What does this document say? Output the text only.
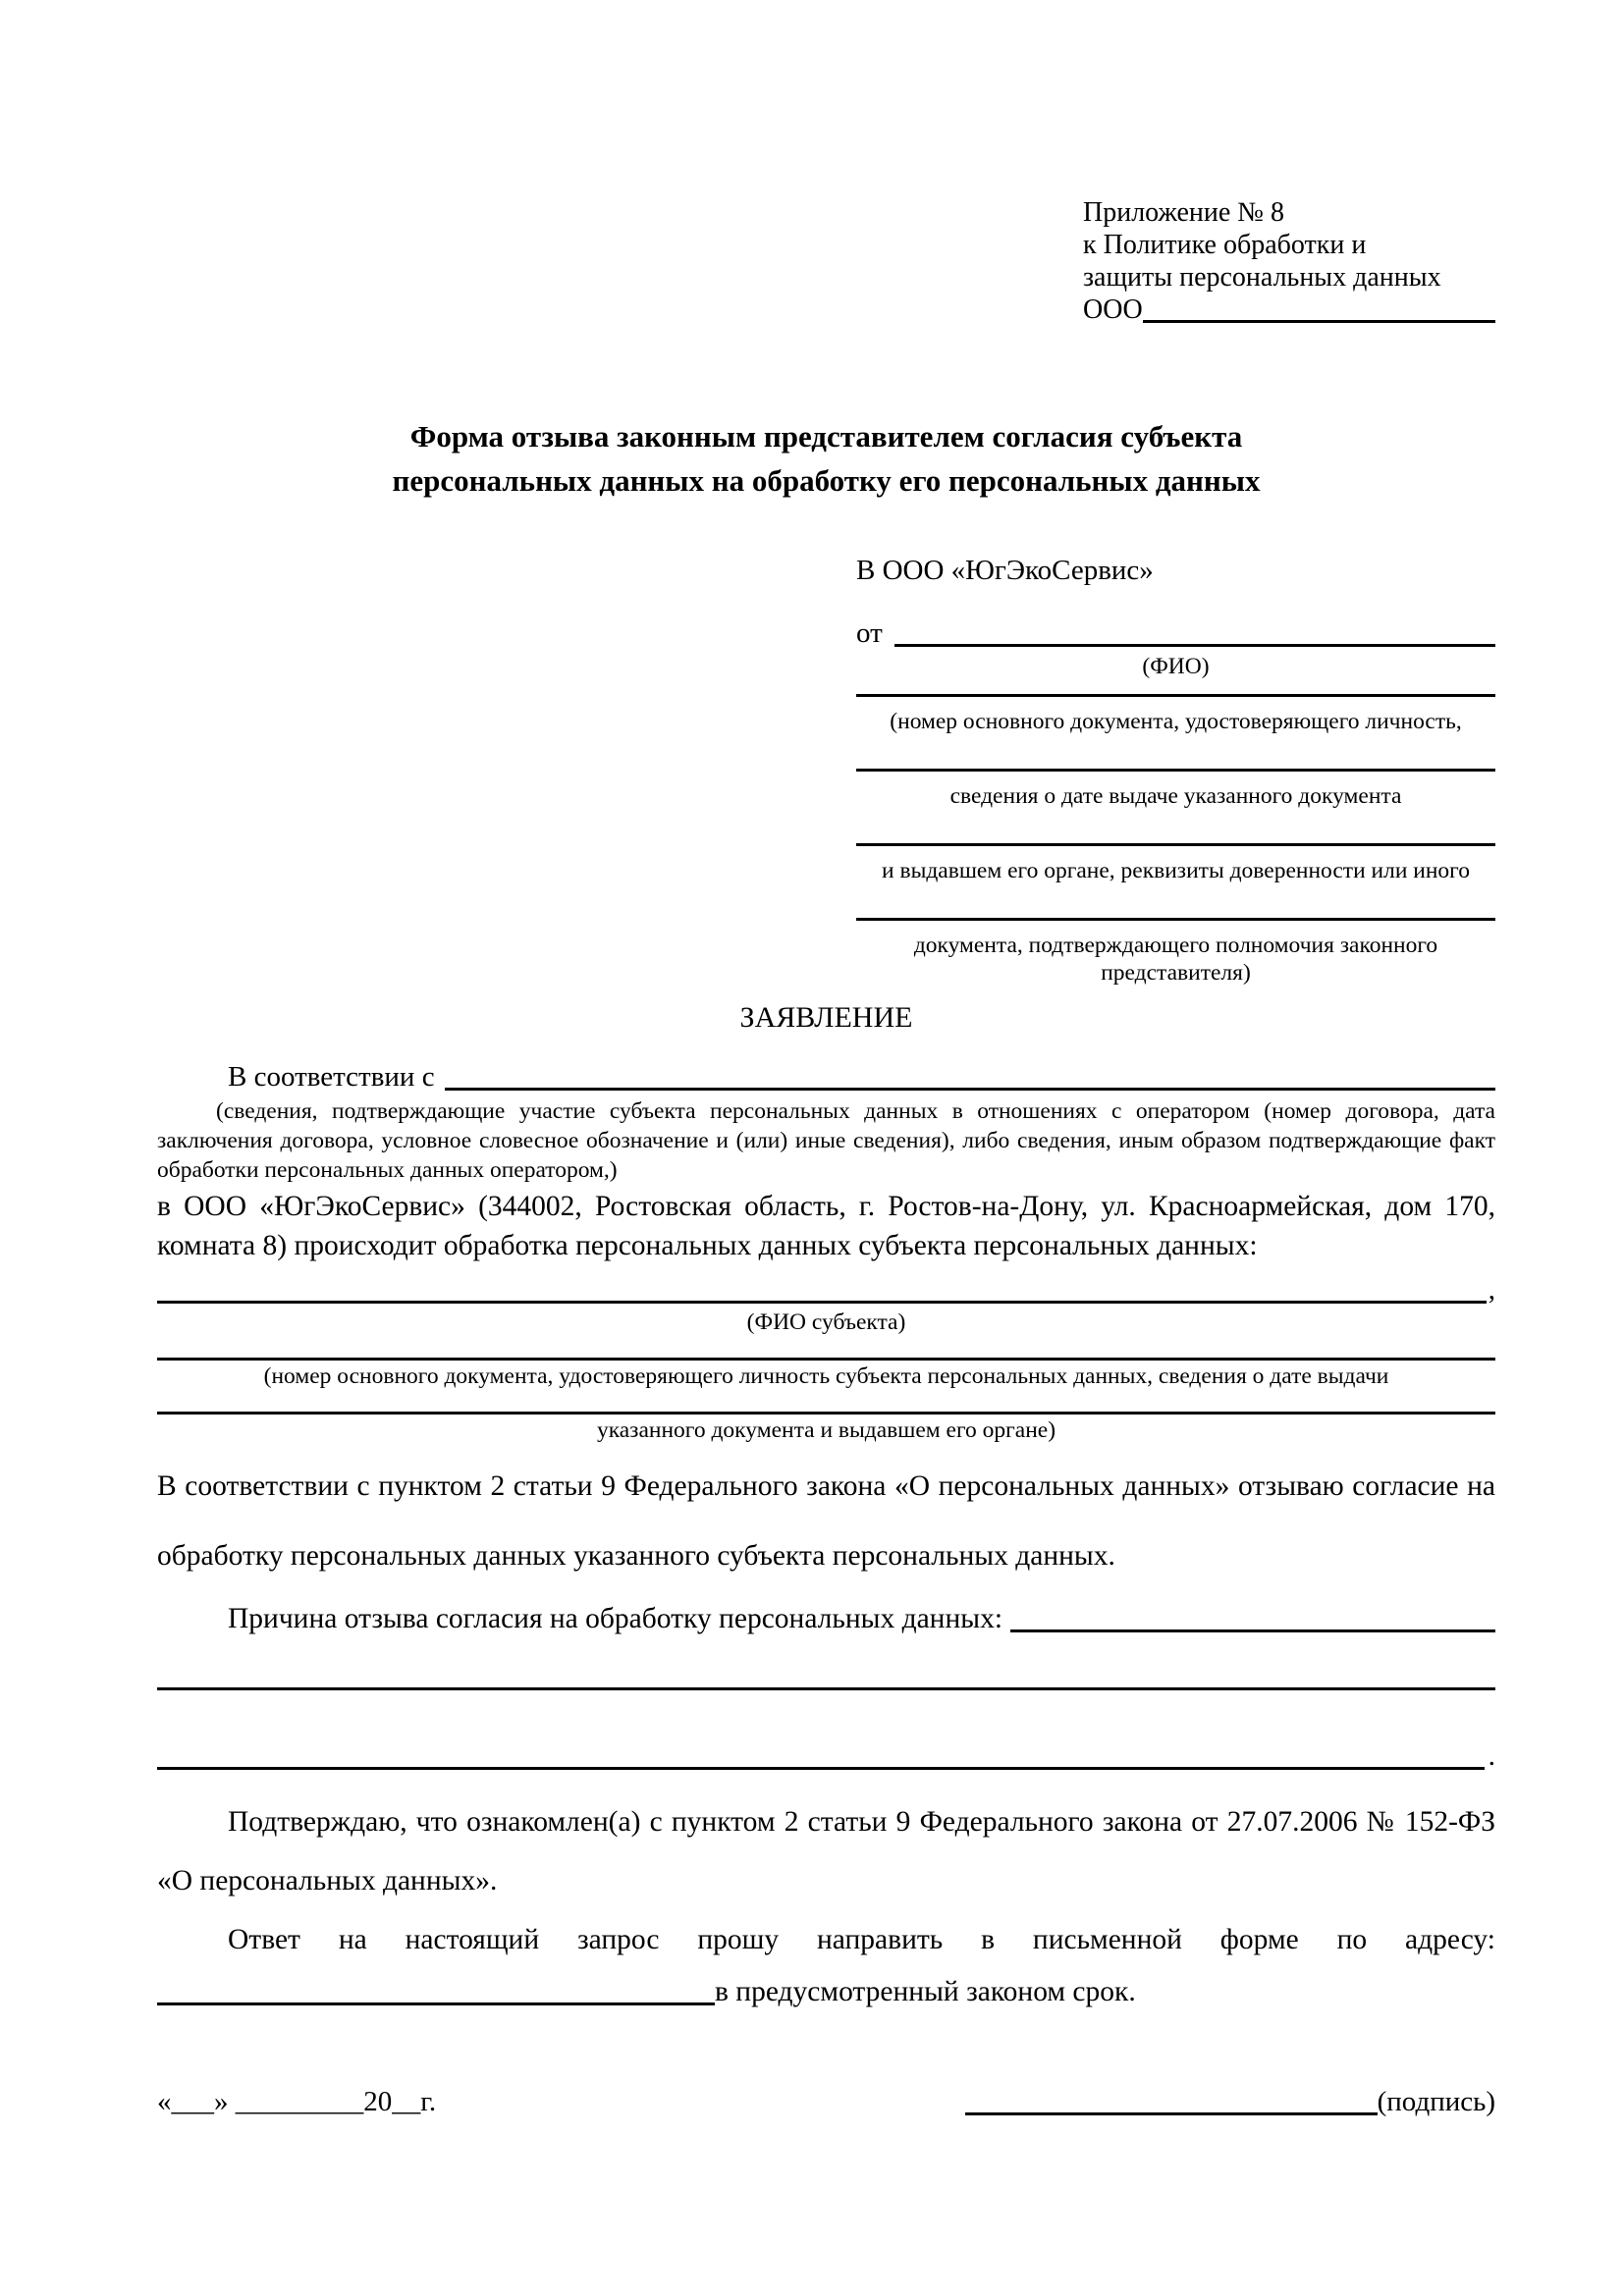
Приложение № 8
к Политике обработки и
защиты персональных данных
ООО
Форма отзыва законным представителем согласия субъекта
персональных данных на обработку его персональных данных
В ООО «ЮгЭкоСервис»
от
(ФИО)
(номер основного документа, удостоверяющего личность,
сведения о дате выдаче указанного документа
и выдавшем его органе, реквизиты доверенности или иного
документа, подтверждающего полномочия законного представителя)
ЗАЯВЛЕНИЕ
В соответствии с
(сведения, подтверждающие участие субъекта персональных данных в отношениях с оператором (номер договора, дата заключения договора, условное словесное обозначение и (или) иные сведения), либо сведения, иным образом подтверждающие факт обработки персональных данных оператором,)
в ООО «ЮгЭкоСервис» (344002, Ростовская область, г. Ростов-на-Дону, ул. Красноармейская, дом 170, комната 8) происходит обработка персональных данных субъекта персональных данных:
,
(ФИО субъекта)
(номер основного документа, удостоверяющего личность субъекта персональных данных, сведения о дате выдачи
указанного документа и выдавшем его органе)
В соответствии с пунктом 2 статьи 9 Федерального закона «О персональных данных» отзываю согласие на обработку персональных данных указанного субъекта персональных данных.
Причина отзыва согласия на обработку персональных данных:
.
Подтверждаю, что ознакомлен(а) с пунктом 2 статьи 9 Федерального закона от 27.07.2006 № 152-ФЗ «О персональных данных».
Ответ на настоящий запрос прошу направить в письменной форме по адресу:
в предусмотренный законом срок.
«___» _________20__г.	(подпись)
